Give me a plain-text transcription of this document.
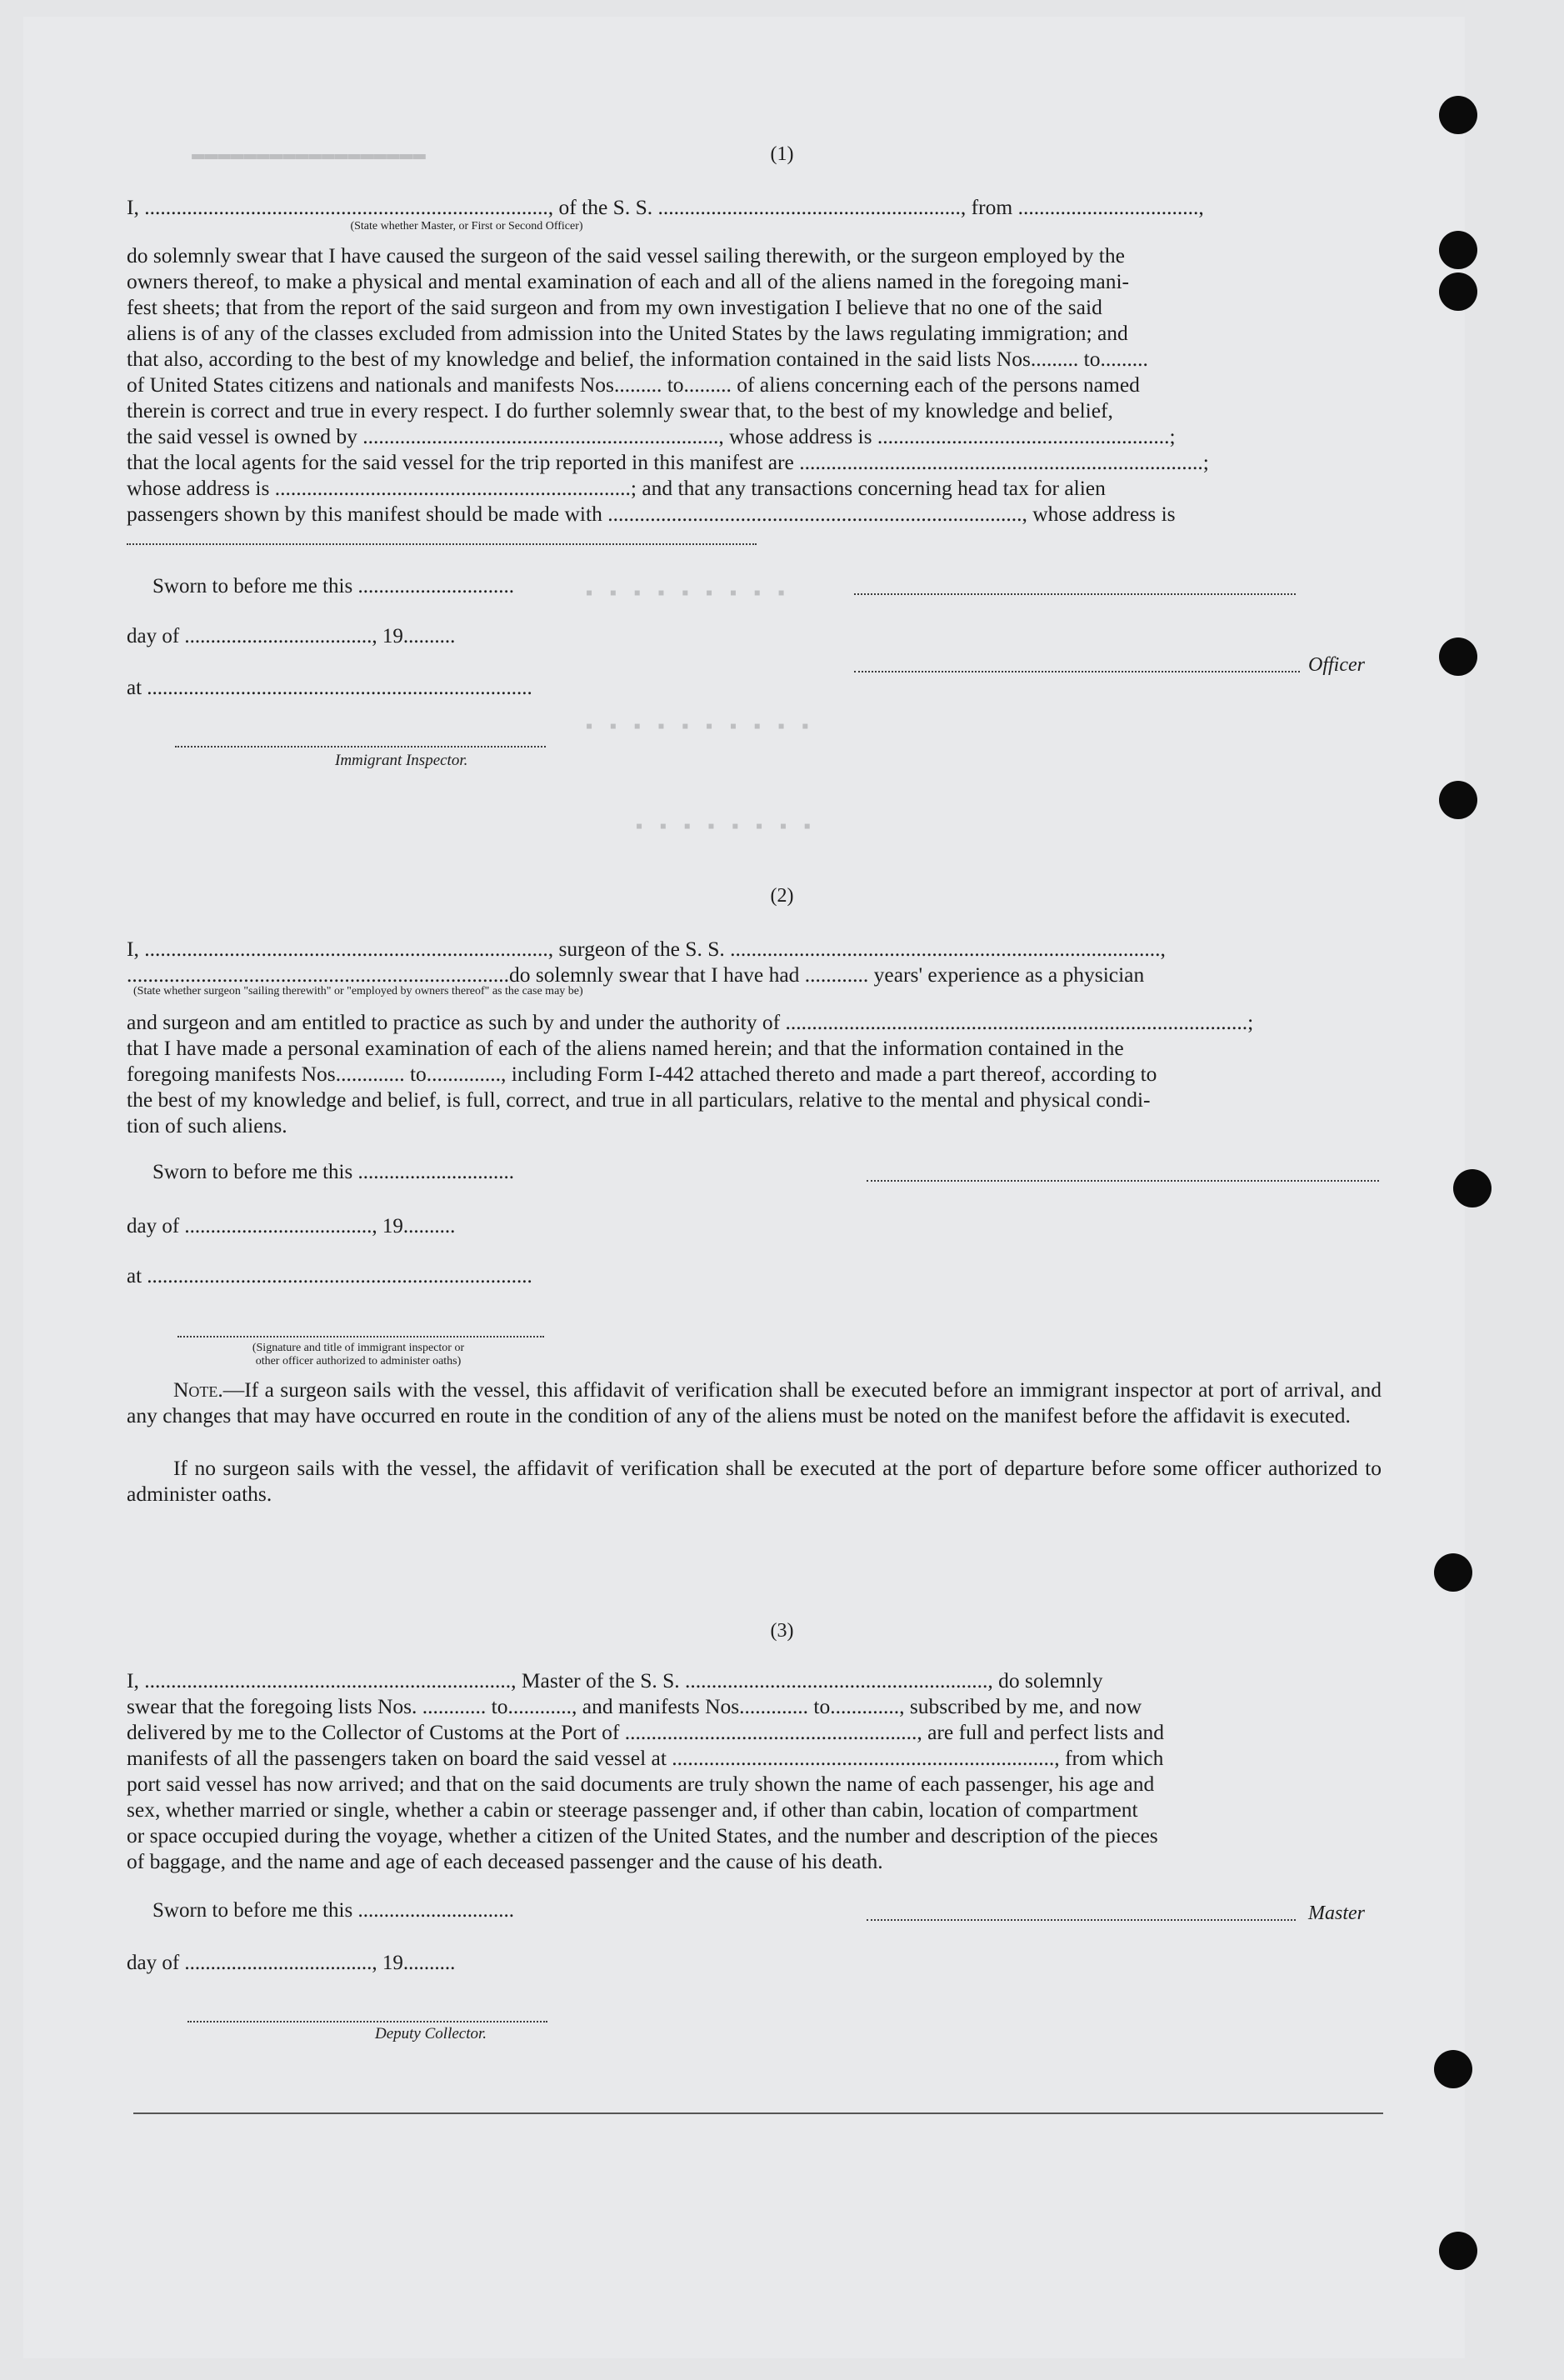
▬▬▬▬▬▬▬▬▬▬▬▬▬▬▬▬▬▬
▪ ▪ ▪ ▪ ▪ ▪ ▪ ▪ ▪
▪ ▪ ▪ ▪ ▪ ▪ ▪ ▪ ▪ ▪
▪ ▪ ▪ ▪ ▪ ▪ ▪ ▪
(1)
I, ............................................................................, of the S. S. ........................................................., from ..................................,
(State whether Master, or First or Second Officer)
do solemnly swear that I have caused the surgeon of the said vessel sailing therewith, or the surgeon employed by the
owners thereof, to make a physical and mental examination of each and all of the aliens named in the foregoing mani-
fest sheets; that from the report of the said surgeon and from my own investigation I believe that no one of the said
aliens is of any of the classes excluded from admission into the United States by the laws regulating immigration; and
that also, according to the best of my knowledge and belief, the information contained in the said lists Nos......... to.........
of United States citizens and nationals and manifests Nos......... to......... of aliens concerning each of the persons named
therein is correct and true in every respect. I do further solemnly swear that, to the best of my knowledge and belief,
the said vessel is owned by ..................................................................., whose address is .......................................................;
that the local agents for the said vessel for the trip reported in this manifest are ............................................................................;
whose address is ...................................................................; and that any transactions concerning head tax for alien
passengers shown by this manifest should be made with .............................................................................., whose address is
Sworn to before me this ..............................
day of ...................................., 19..........
at ..........................................................................
Immigrant Inspector.
Officer
(2)
I, ............................................................................, surgeon of the S. S. .................................................................................,
........................................................................do solemnly swear that I have had ............ years' experience as a physician
(State whether surgeon "sailing therewith" or "employed by owners thereof" as the case may be)
and surgeon and am entitled to practice as such by and under the authority of .......................................................................................;
that I have made a personal examination of each of the aliens named herein; and that the information contained in the
foregoing manifests Nos............. to.............., including Form I-442 attached thereto and made a part thereof, according to
the best of my knowledge and belief, is full, correct, and true in all particulars, relative to the mental and physical condi-
tion of such aliens.
Sworn to before me this ..............................
day of ...................................., 19..........
at ..........................................................................
(Signature and title of immigrant inspector or
other officer authorized to administer oaths)
Note.—If a surgeon sails with the vessel, this affidavit of verification shall be executed before an immigrant inspector at port of arrival, and any changes that may have occurred en route in the condition of any of the aliens must be noted on the manifest before the affidavit is executed.
If no surgeon sails with the vessel, the affidavit of verification shall be executed at the port of departure before some officer authorized to administer oaths.
(3)
I, ....................................................................., Master of the S. S. ........................................................., do solemnly
swear that the foregoing lists Nos. ............ to............, and manifests Nos............. to............., subscribed by me, and now
delivered by me to the Collector of Customs at the Port of ......................................................., are full and perfect lists and
manifests of all the passengers taken on board the said vessel at ........................................................................, from which
port said vessel has now arrived; and that on the said documents are truly shown the name of each passenger, his age and
sex, whether married or single, whether a cabin or steerage passenger and, if other than cabin, location of compartment
or space occupied during the voyage, whether a citizen of the United States, and the number and description of the pieces
of baggage, and the name and age of each deceased passenger and the cause of his death.
Sworn to before me this ..............................
day of ...................................., 19..........
Master
Deputy Collector.
